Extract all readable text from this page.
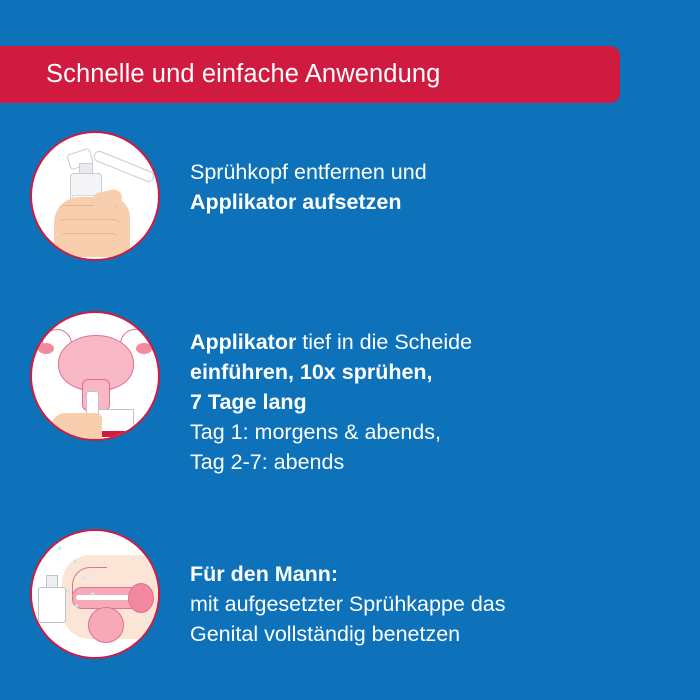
Schnelle und einfache Anwendung
Sprühkopf entfernen und
Applikator aufsetzen
Applikator tief in die Scheide
einführen, 10x sprühen,
7 Tage lang
Tag 1: morgens & abends,
Tag 2-7: abends
Für den Mann:
mit aufgesetzter Sprühkappe das
Genital vollständig benetzen
